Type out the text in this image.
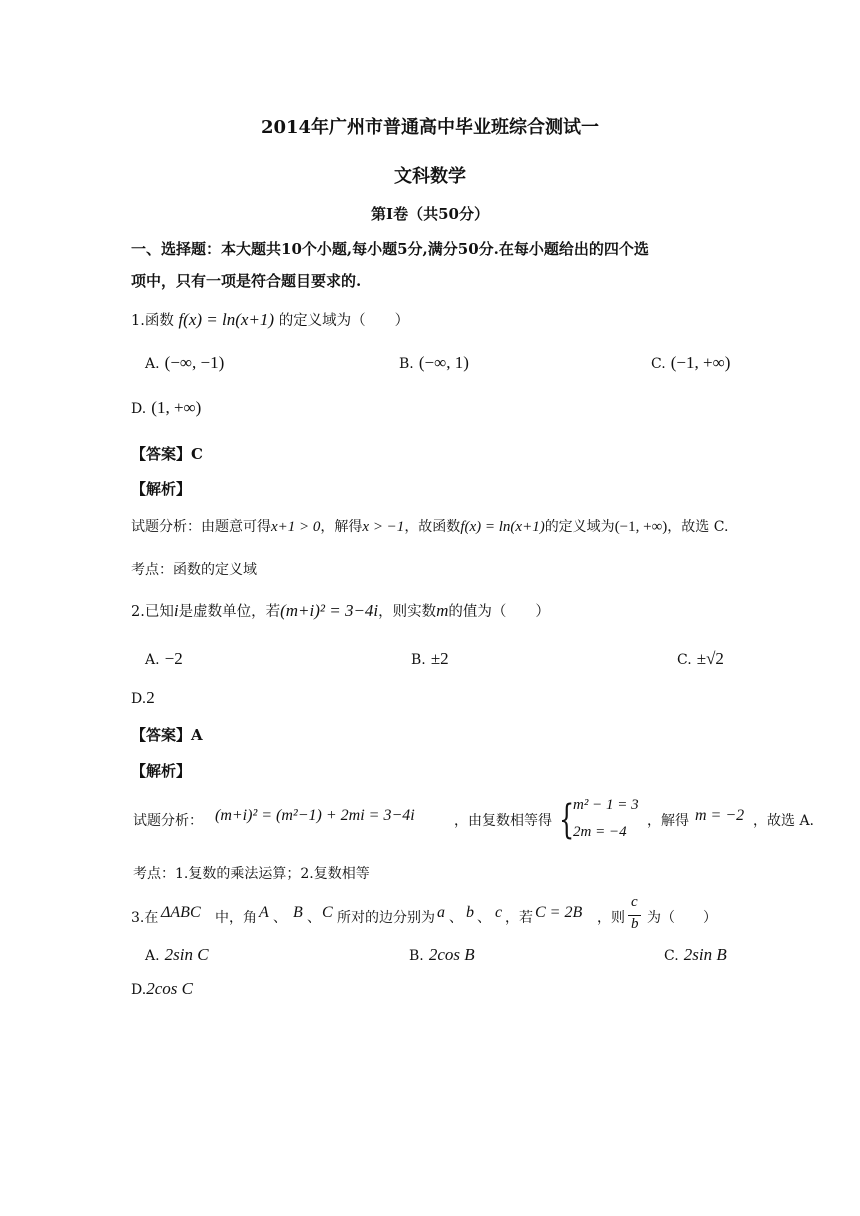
2014年广州市普通高中毕业班综合测试一
文科数学
第Ⅰ卷（共50分）
一、选择题：本大题共10个小题,每小题5分,满分50分.在每小题给出的四个选
项中，只有一项是符合题目要求的.
1.函数 f(x) = ln(x+1) 的定义域为（　　）
A. (−∞, −1)	B. (−∞, 1)	C. (−1, +∞)
D. (1, +∞)
【答案】C
【解析】
试题分析：由题意可得x+1 > 0，解得x > −1，故函数f(x) = ln(x+1)的定义域为(−1, +∞)，故选 C.
考点：函数的定义域
2.已知i是虚数单位，若(m+i)² = 3−4i，则实数m的值为（　　）
A. −2	B. ±2	C. ±√2
D.2
【答案】A
【解析】
试题分析： (m+i)² = (m²−1) + 2mi = 3−4i	，由复数相等得 {
m² − 1 = 3
2m = −4
，解得 m = −2 ，故选 A.
考点：1.复数的乘法运算；2.复数相等
3.在 ΔABC 中，角 A 、 B 、 C 所对的边分别为 a 、 b 、 c ，若 C = 2B ，则
c
b 为（　　）
A. 2sin C	B. 2cos B	C. 2sin B
D.2cos C
